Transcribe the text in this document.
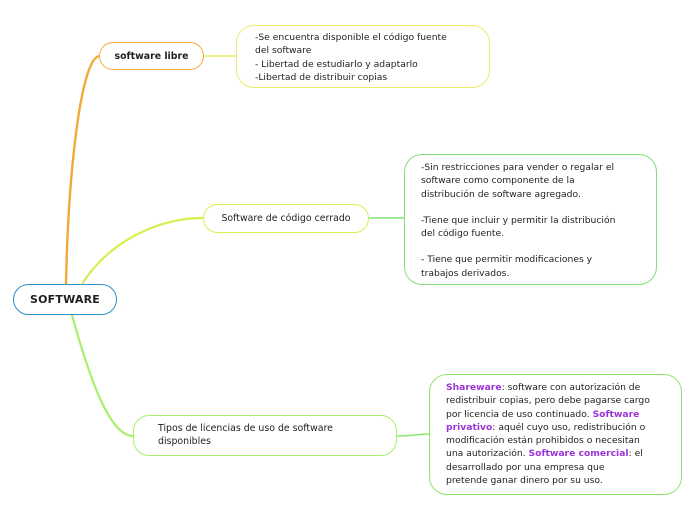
SOFTWARE
software libre
-Se encuentra disponible el código fuente
del software
- Libertad de estudiarlo y adaptarlo
-Libertad de distribuir copias
Software de código cerrado
-Sin restricciones para vender o regalar el
software como componente de la
distribución de software agregado.
-Tiene que incluir y permitir la distribución
del código fuente.
- Tiene que permitir modificaciones y
trabajos derivados.
Tipos de licencias de uso de software
disponibles
Shareware: software con autorización de
redistribuir copias, pero debe pagarse cargo
por licencia de uso continuado. Software
privativo: aquél cuyo uso, redistribución o
modificación están prohibidos o necesitan
una autorización. Software comercial: el
desarrollado por una empresa que
pretende ganar dinero por su uso.
